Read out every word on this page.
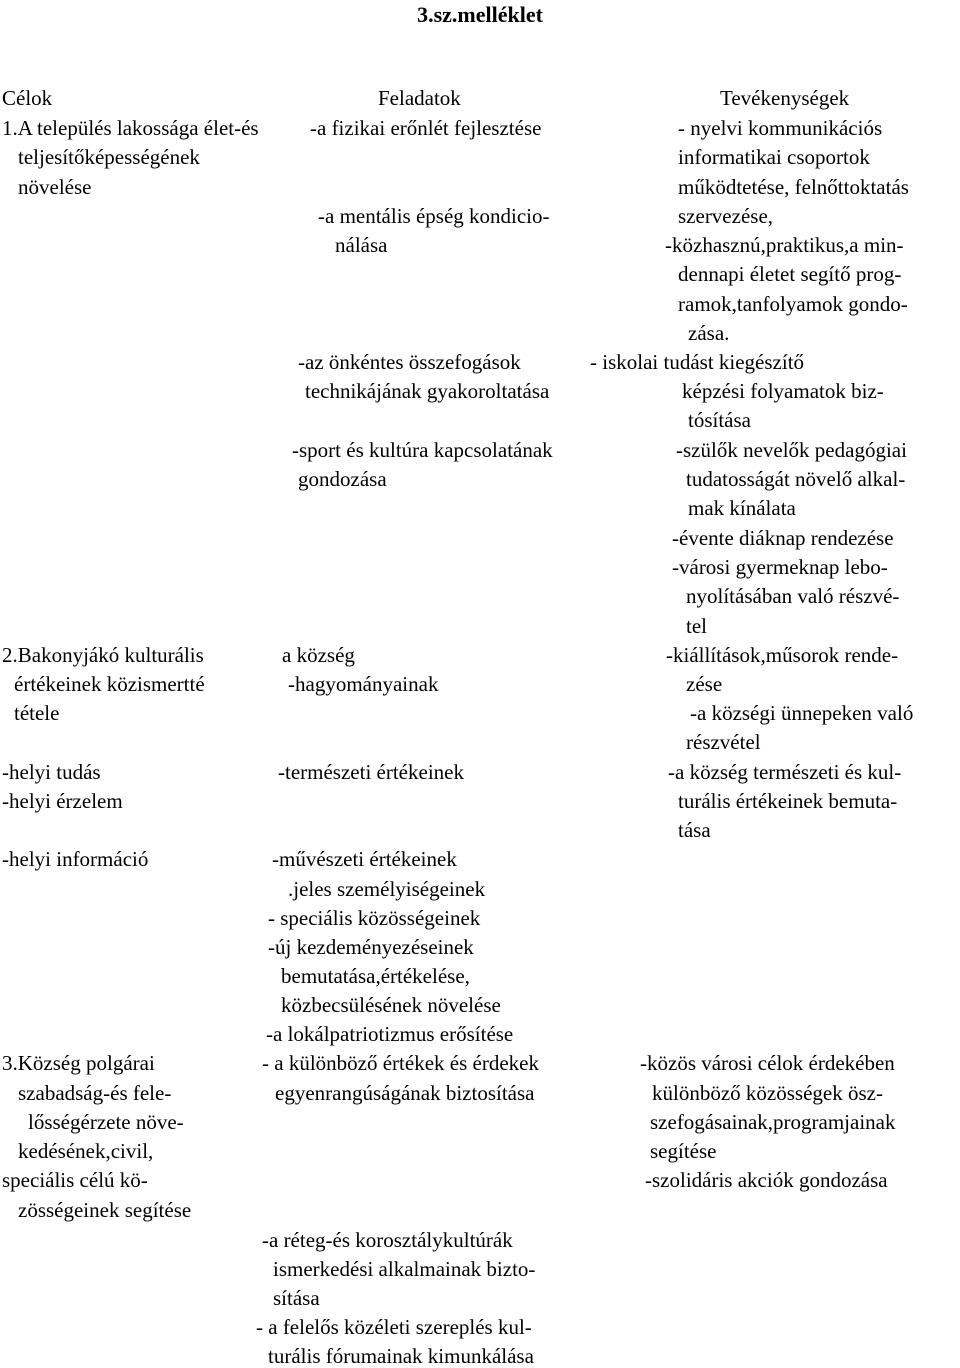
3.sz.melléklet
Célok	Feladatok	Tevékenységek
1.A település lakossága élet-és
teljesítőképességének
növelése
2.Bakonyjákó kulturális
értékeinek közismertté
tétele
-helyi tudás
-helyi érzelem
-helyi információ
3.Község polgárai
szabadság-és fele-
lősségérzete növe-
kedésének,civil,
speciális célú kö-
zösségeinek segítése
-a fizikai erőnlét fejlesztése
-a mentális épség kondicio-
nálása
-az önkéntes összefogások
technikájának gyakoroltatása
-sport és kultúra kapcsolatának
gondozása
a község
-hagyományainak
-természeti értékeinek
-művészeti értékeinek
.jeles személyiségeinek
- speciális közösségeinek
-új kezdeményezéseinek
bemutatása,értékelése,
közbecsülésének növelése
-a lokálpatriotizmus erősítése
- a különböző értékek és érdekek
egyenrangúságának biztosítása
-a réteg-és korosztálykultúrák
ismerkedési alkalmainak bizto-
sítása
- a felelős közéleti szereplés kul-
turális fórumainak kimunkálása
- nyelvi kommunikációs
informatikai csoportok
működtetése, felnőttoktatás
szervezése,
-közhasznú,praktikus,a min-
dennapi életet segítő prog-
ramok,tanfolyamok gondo-
zása.
- iskolai tudást kiegészítő
képzési folyamatok biz-
tósítása
-szülők nevelők pedagógiai
tudatosságát növelő alkal-
mak kínálata
-évente diáknap rendezése
-városi gyermeknap lebo-
nyolításában való részvé-
tel
-kiállítások,műsorok rende-
zése
-a községi ünnepeken való
részvétel
-a község természeti és kul-
turális értékeinek bemuta-
tása
-közös városi célok érdekében
különböző közösségek ösz-
szefogásainak,programjainak
segítése
-szolidáris akciók gondozása
